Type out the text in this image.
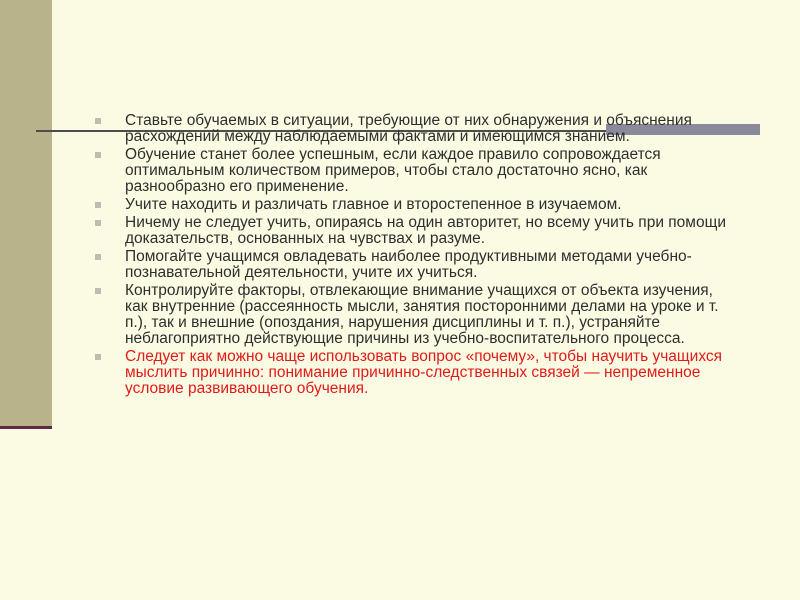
Ставьте обучаемых в ситуации, требующие от них обнаружения и объяснения расхождений между наблюдаемыми фактами и имеющимся знанием.
Обучение станет более успешным, если каждое правило сопровождается оптимальным количеством примеров, чтобы стало достаточно ясно, как разнообразно его применение.
Учите находить и различать главное и второстепенное в изучаемом.
Ничему не следует учить, опираясь на один авторитет, но всему учить при помощи доказательств, основанных на чувствах и разуме.
Помогайте учащимся овладевать наиболее продуктивными методами учебно-познавательной деятельности, учите их учиться.
Контролируйте факторы, отвлекающие внимание учащихся от объекта изучения, как внутренние (рассеянность мысли, занятия посторонними делами на уроке и т. п.), так и внешние (опоздания, нарушения дисциплины и т. п.), устраняйте неблагоприятно действующие причины из учебно-воспитательного процесса.
Следует как можно чаще использовать вопрос «почему», чтобы научить учащихся мыслить причинно: понимание причинно-следственных связей — непременное условие развивающего обучения.
